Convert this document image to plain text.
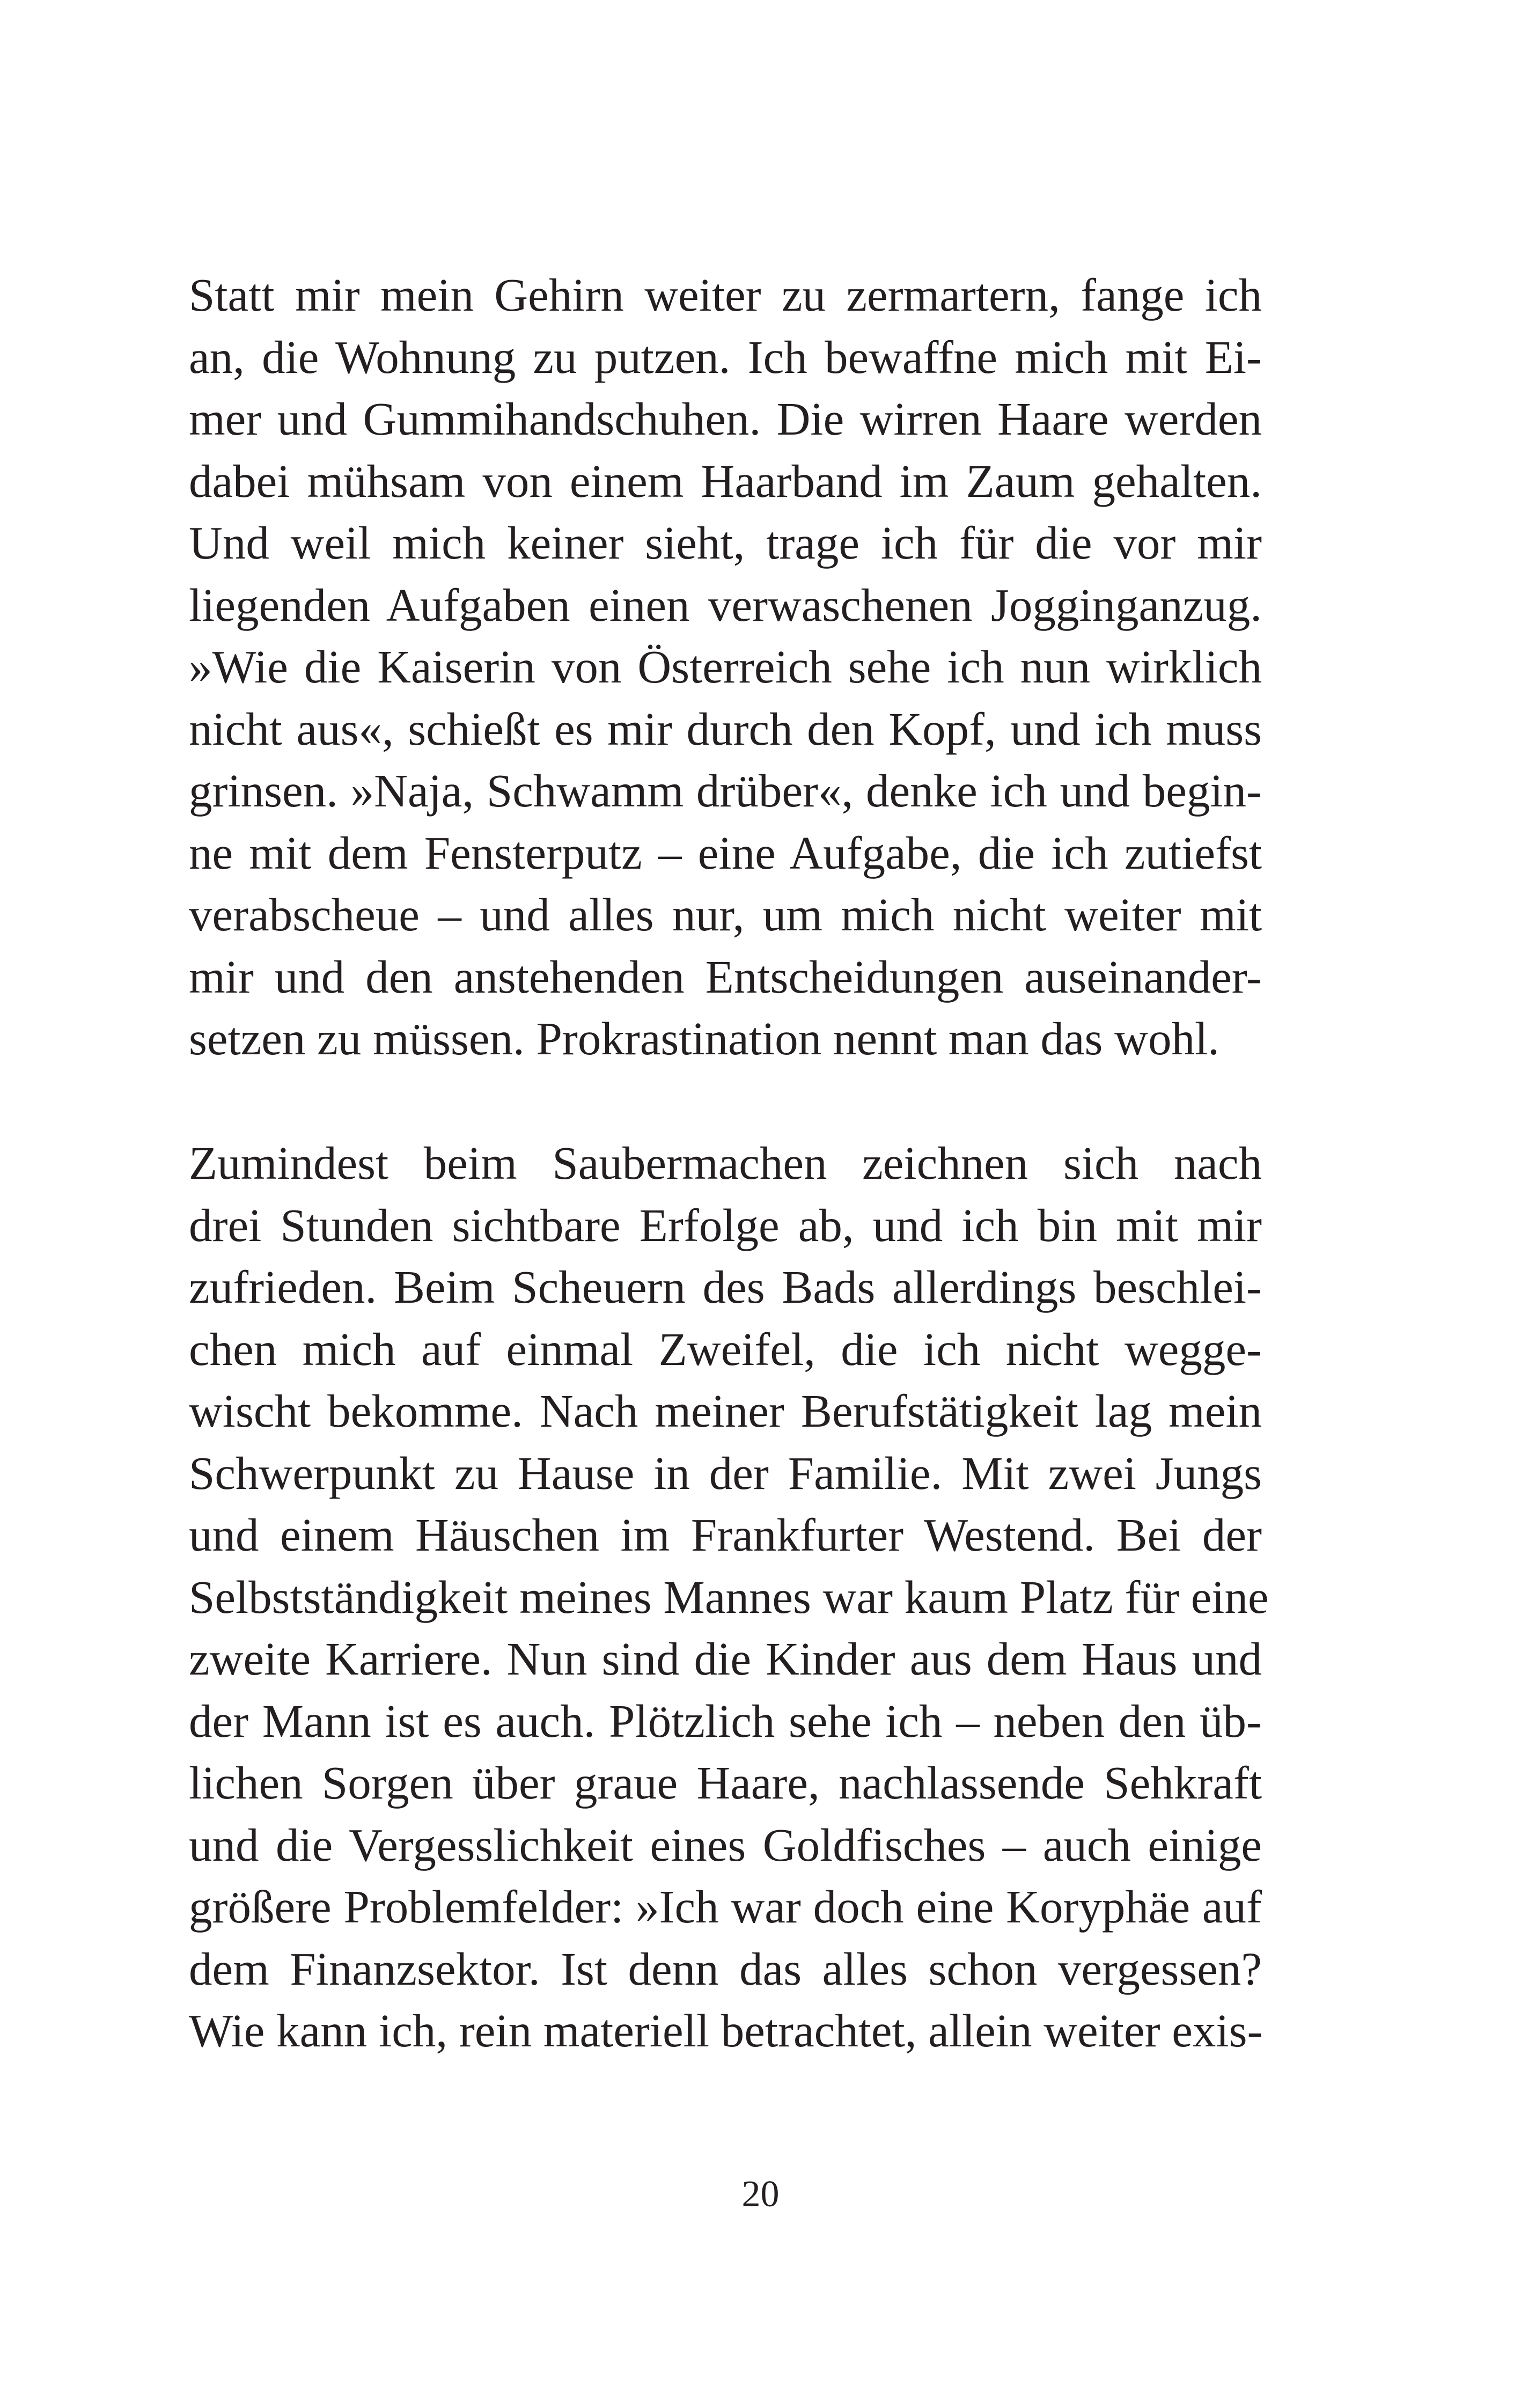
Statt mir mein Gehirn weiter zu zermartern, fange ich
an, die Wohnung zu putzen. Ich bewaffne mich mit Ei-
mer und Gummihandschuhen. Die wirren Haare werden
dabei mühsam von einem Haarband im Zaum gehalten.
Und weil mich keiner sieht, trage ich für die vor mir
liegenden Aufgaben einen verwaschenen Jogginganzug.
»Wie die Kaiserin von Österreich sehe ich nun wirklich
nicht aus«, schießt es mir durch den Kopf, und ich muss
grinsen. »Naja, Schwamm drüber«, denke ich und begin-
ne mit dem Fensterputz – eine Aufgabe, die ich zutiefst
verabscheue – und alles nur, um mich nicht weiter mit
mir und den anstehenden Entscheidungen auseinander-
setzen zu müssen. Prokrastination nennt man das wohl.
Zumindest beim Saubermachen zeichnen sich nach
drei Stunden sichtbare Erfolge ab, und ich bin mit mir
zufrieden. Beim Scheuern des Bads allerdings beschlei-
chen mich auf einmal Zweifel, die ich nicht wegge-
wischt bekomme. Nach meiner Berufstätigkeit lag mein
Schwerpunkt zu Hause in der Familie. Mit zwei Jungs
und einem Häuschen im Frankfurter Westend. Bei der
Selbstständigkeit meines Mannes war kaum Platz für eine
zweite Karriere. Nun sind die Kinder aus dem Haus und
der Mann ist es auch. Plötzlich sehe ich – neben den üb-
lichen Sorgen über graue Haare, nachlassende Sehkraft
und die Vergesslichkeit eines Goldfisches – auch einige
größere Problemfelder: »Ich war doch eine Koryphäe auf
dem Finanzsektor. Ist denn das alles schon vergessen?
Wie kann ich, rein materiell betrachtet, allein weiter exis-
20
